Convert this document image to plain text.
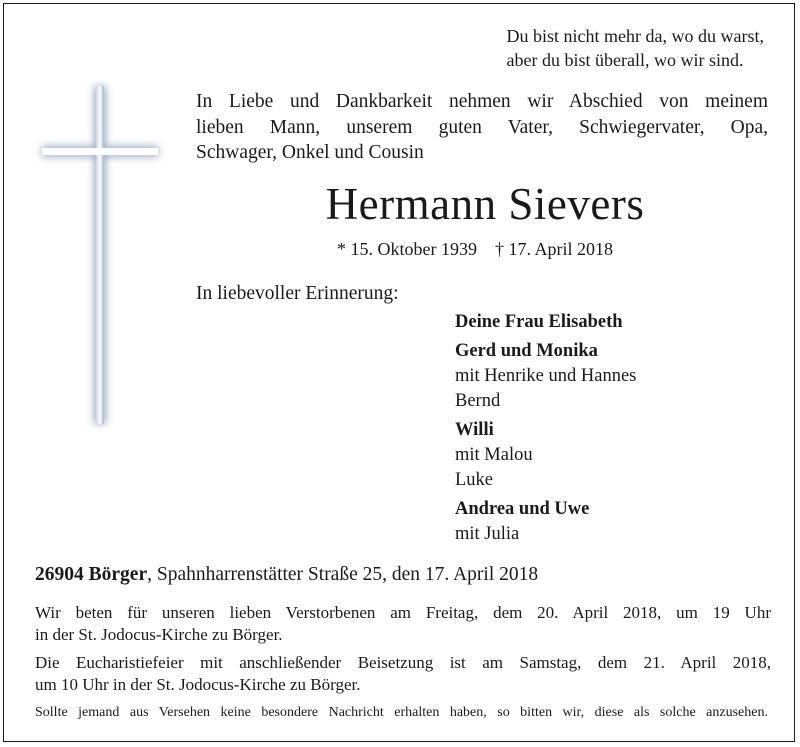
Du bist nicht mehr da, wo du warst,
aber du bist überall, wo wir sind.
In Liebe und Dankbarkeit nehmen wir Abschied von meinem
lieben Mann, unserem guten Vater, Schwiegervater, Opa,
Schwager, Onkel und Cousin
Hermann Sievers
* 15. Oktober 1939 † 17. April 2018
In liebevoller Erinnerung:
Deine Frau Elisabeth
Gerd und Monika
mit Henrike und Hannes
Bernd
Willi
mit Malou
Luke
Andrea und Uwe
mit Julia
26904 Börger, Spahnharrenstätter Straße 25, den 17. April 2018
Wir beten für unseren lieben Verstorbenen am Freitag, dem 20. April 2018, um 19 Uhr
in der St. Jodocus-Kirche zu Börger.
Die Eucharistiefeier mit anschließender Beisetzung ist am Samstag, dem 21. April 2018,
um 10 Uhr in der St. Jodocus-Kirche zu Börger.
Sollte jemand aus Versehen keine besondere Nachricht erhalten haben, so bitten wir, diese als solche anzusehen.
